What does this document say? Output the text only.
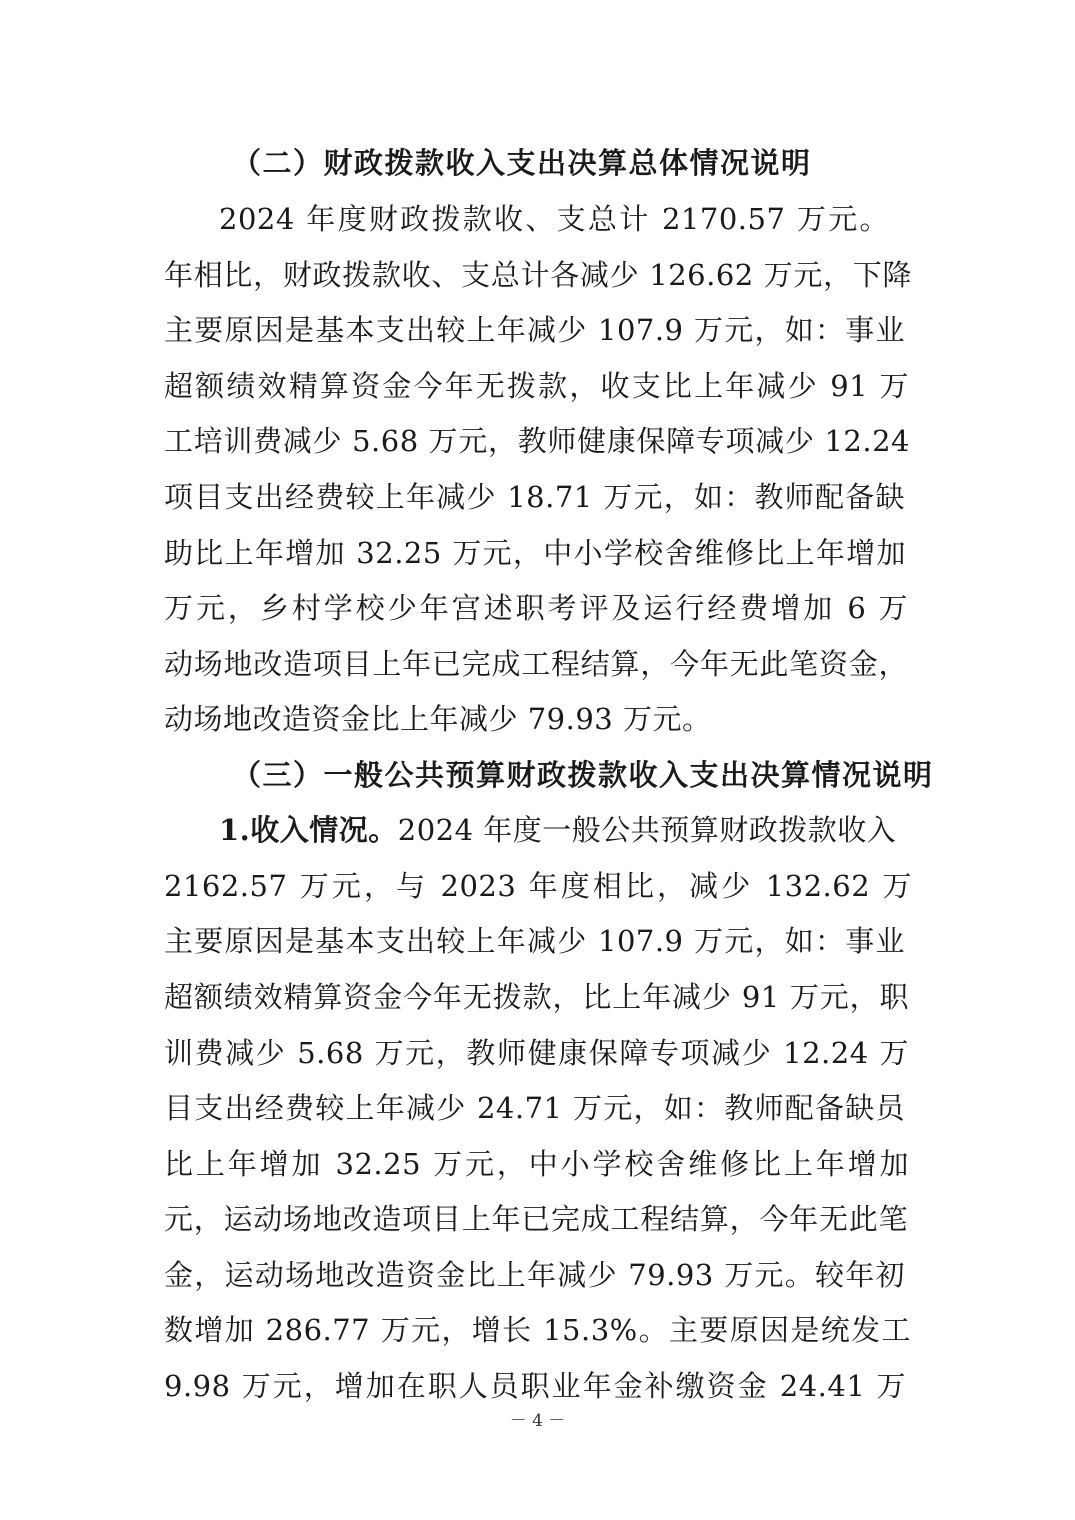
（二）财政拨款收入支出决算总体情况说明
2024 年度财政拨款收、支总计 2170.57 万元。
年相比，财政拨款收、支总计各减少 126.62 万元，下降
主要原因是基本支出较上年减少 107.9 万元，如：事业
超额绩效精算资金今年无拨款，收支比上年减少 91 万
工培训费减少 5.68 万元，教师健康保障专项减少 12.24
项目支出经费较上年减少 18.71 万元，如：教师配备缺
助比上年增加 32.25 万元，中小学校舍维修比上年增加
万元，乡村学校少年宫述职考评及运行经费增加 6 万
动场地改造项目上年已完成工程结算，今年无此笔资金，
动场地改造资金比上年减少 79.93 万元。
（三）一般公共预算财政拨款收入支出决算情况说明
1.收入情况。2024 年度一般公共预算财政拨款收入
2162.57 万元，与 2023 年度相比，减少 132.62 万
主要原因是基本支出较上年减少 107.9 万元，如：事业
超额绩效精算资金今年无拨款，比上年减少 91 万元，职
训费减少 5.68 万元，教师健康保障专项减少 12.24 万
目支出经费较上年减少 24.71 万元，如：教师配备缺员
比上年增加 32.25 万元，中小学校舍维修比上年增加
元，运动场地改造项目上年已完成工程结算，今年无此笔
金，运动场地改造资金比上年减少 79.93 万元。较年初
数增加 286.77 万元，增长 15.3%。主要原因是统发工
9.98 万元，增加在职人员职业年金补缴资金 24.41 万
－ 4 －
